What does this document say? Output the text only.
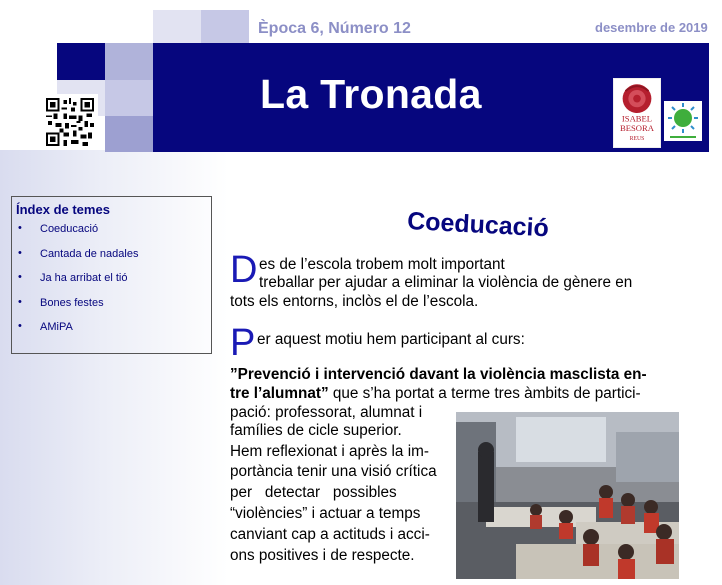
La Tronada
Època 6, Número 12	desembre de 2019
ISABEL
BESORA
REUS
Índex de temes
• Coeducació
• Cantada de nadales
• Ja ha arribat el tió
• Bones festes
• AMiPA
Coeducació
D es de l’escola trobem molt important
treballar per ajudar a eliminar la violència de gènere en
tots els entorns, inclòs el de l’escola.
P er aquest motiu hem participant al curs:
”Prevenció i intervenció davant la violència masclista en-
tre l’alumnat” que s’ha portat a terme tres àmbits de partici-
pació: professorat, alumnat i
famílies de cicle superior.
Hem reflexionat i après la im-
portància tenir una visió crítica
per   detectar   possibles
“violències” i actuar a temps
canviant cap a actituds i acci-
ons positives i de respecte.
